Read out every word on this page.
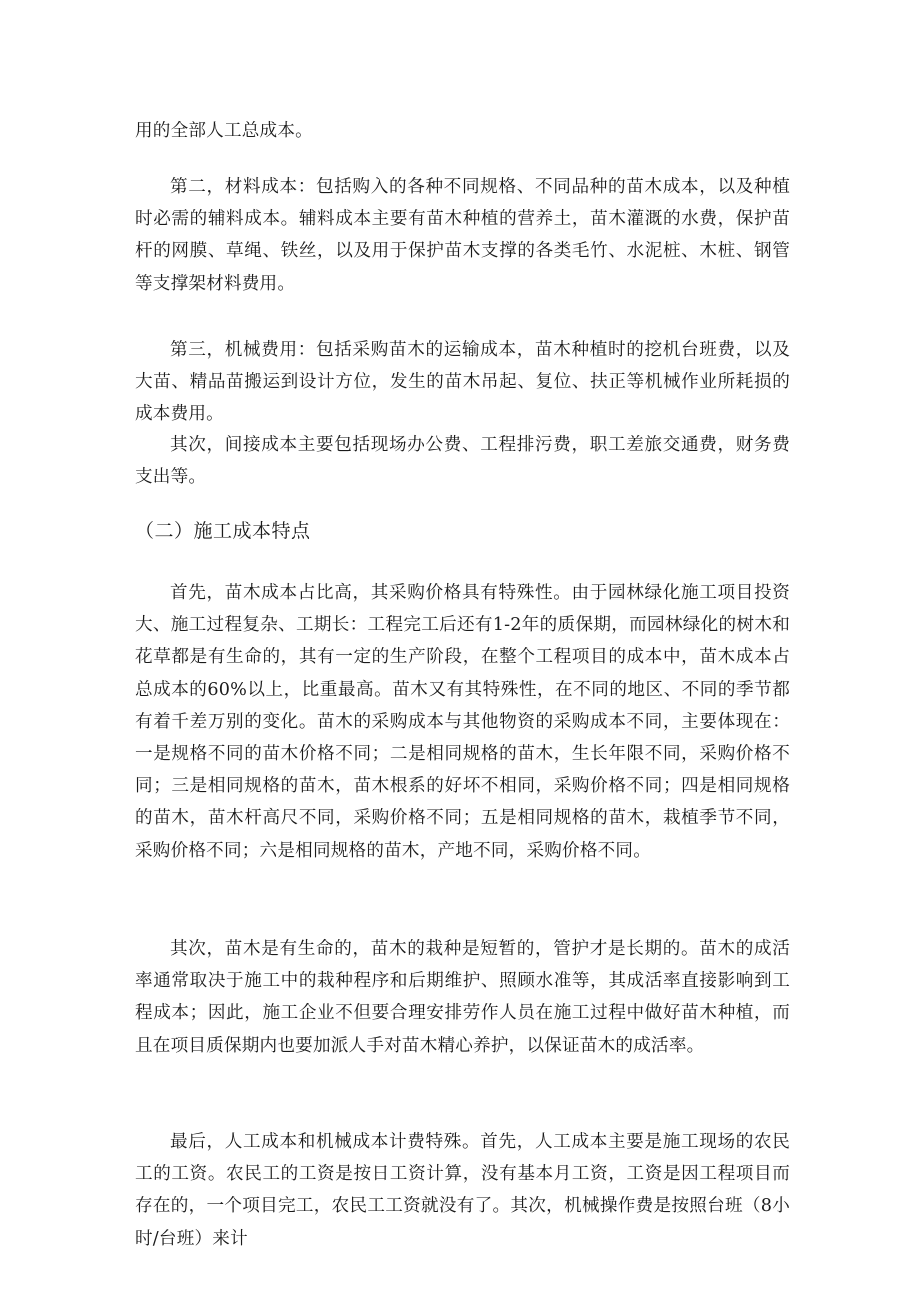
用的全部人工总成本。

第二，材料成本：包括购入的各种不同规格、不同品种的苗木成本，以及种植时必需的辅料成本。辅料成本主要有苗木种植的营养土，苗木灌溉的水费，保护苗杆的网膜、草绳、铁丝，以及用于保护苗木支撑的各类毛竹、水泥桩、木桩、钢管等支撑架材料费用。

第三，机械费用：包括采购苗木的运输成本，苗木种植时的挖机台班费，以及大苗、精品苗搬运到设计方位，发生的苗木吊起、复位、扶正等机械作业所耗损的成本费用。

其次，间接成本主要包括现场办公费、工程排污费，职工差旅交通费，财务费支出等。

（二）施工成本特点

首先，苗木成本占比高，其采购价格具有特殊性。由于园林绿化施工项目投资大、施工过程复杂、工期长：工程完工后还有1-2年的质保期，而园林绿化的树木和花草都是有生命的，其有一定的生产阶段，在整个工程项目的成本中，苗木成本占总成本的60%以上，比重最高。苗木又有其特殊性，在不同的地区、不同的季节都有着千差万别的变化。苗木的采购成本与其他物资的采购成本不同，主要体现在：一是规格不同的苗木价格不同；二是相同规格的苗木，生长年限不同，采购价格不同；三是相同规格的苗木，苗木根系的好坏不相同，采购价格不同；四是相同规格的苗木，苗木杆高尺不同，采购价格不同；五是相同规格的苗木，栽植季节不同，采购价格不同；六是相同规格的苗木，产地不同，采购价格不同。

其次，苗木是有生命的，苗木的栽种是短暂的，管护才是长期的。苗木的成活率通常取决于施工中的栽种程序和后期维护、照顾水准等，其成活率直接影响到工程成本；因此，施工企业不但要合理安排劳作人员在施工过程中做好苗木种植，而且在项目质保期内也要加派人手对苗木精心养护，以保证苗木的成活率。

最后，人工成本和机械成本计费特殊。首先，人工成本主要是施工现场的农民工的工资。农民工的工资是按日工资计算，没有基本月工资，工资是因工程项目而存在的，一个项目完工，农民工工资就没有了。其次，机械操作费是按照台班（8小时/台班）来计
